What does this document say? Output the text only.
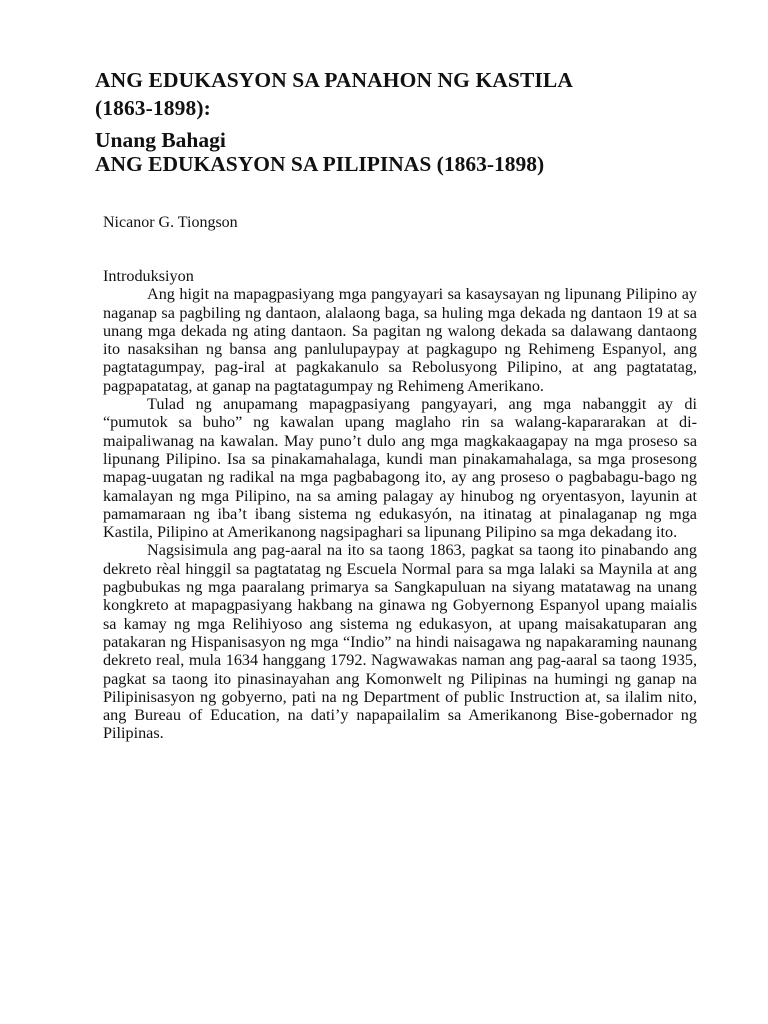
ANG EDUKASYON SA PANAHON NG KASTILA

(1863-1898):

Unang Bahagi

ANG EDUKASYON SA PILIPINAS (1863-1898)

Nicanor G. Tiongson

Introduksiyon

Ang higit na mapagpasiyang mga pangyayari sa kasaysayan ng lipunang Pilipino ay naganap sa pagbiling ng dantaon, alalaong baga, sa huling mga dekada ng dantaon 19 at sa unang mga dekada ng ating dantaon. Sa pagitan ng walong dekada sa dalawang dantaong ito nasaksihan ng bansa ang panlulupaypay at pagkagupo ng Rehimeng Espanyol, ang pagtatagumpay, pag-iral at pagkakanulo sa Rebolusyong Pilipino, at ang pagtatatag, pagpapatatag, at ganap na pagtatagumpay ng Rehimeng Amerikano.

Tulad ng anupamang mapagpasiyang pangyayari, ang mga nabanggit ay di “pumutok sa buho” ng kawalan upang maglaho rin sa walang-kapararakan at di-maipaliwanag na kawalan. May puno’t dulo ang mga magkakaagapay na mga proseso sa lipunang Pilipino. Isa sa pinakamahalaga, kundi man pinakamahalaga, sa mga prosesong mapag-uugatan ng radikal na mga pagbabagong ito, ay ang proseso o pagbabagu-bago ng kamalayan ng mga Pilipino, na sa aming palagay ay hinubog ng oryentasyon, layunin at pamamaraan ng iba’t ibang sistema ng edukasyón, na itinatag at pinalaganap ng mga Kastila, Pilipino at Amerikanong nagsipaghari sa lipunang Pilipino sa mga dekadang ito.

Nagsisimula ang pag-aaral na ito sa taong 1863, pagkat sa taong ito pinabando ang dekreto rèal hinggil sa pagtatatag ng Escuela Normal para sa mga lalaki sa Maynila at ang pagbubukas ng mga paaralang primarya sa Sangkapuluan na siyang matatawag na unang kongkreto at mapagpasiyang hakbang na ginawa ng Gobyernong Espanyol upang maialis sa kamay ng mga Relihiyoso ang sistema ng edukasyon, at upang maisakatuparan ang patakaran ng Hispanisasyon ng mga “Indio” na hindi naisagawa ng napakaraming naunang dekreto real, mula 1634 hanggang 1792. Nagwawakas naman ang pag-aaral sa taong 1935, pagkat sa taong ito pinasinayahan ang Komonwelt ng Pilipinas na humingi ng ganap na Pilipinisasyon ng gobyerno, pati na ng Department of public Instruction at, sa ilalim nito, ang Bureau of Education, na dati’y napapailalim sa Amerikanong Bise-gobernador ng Pilipinas.
